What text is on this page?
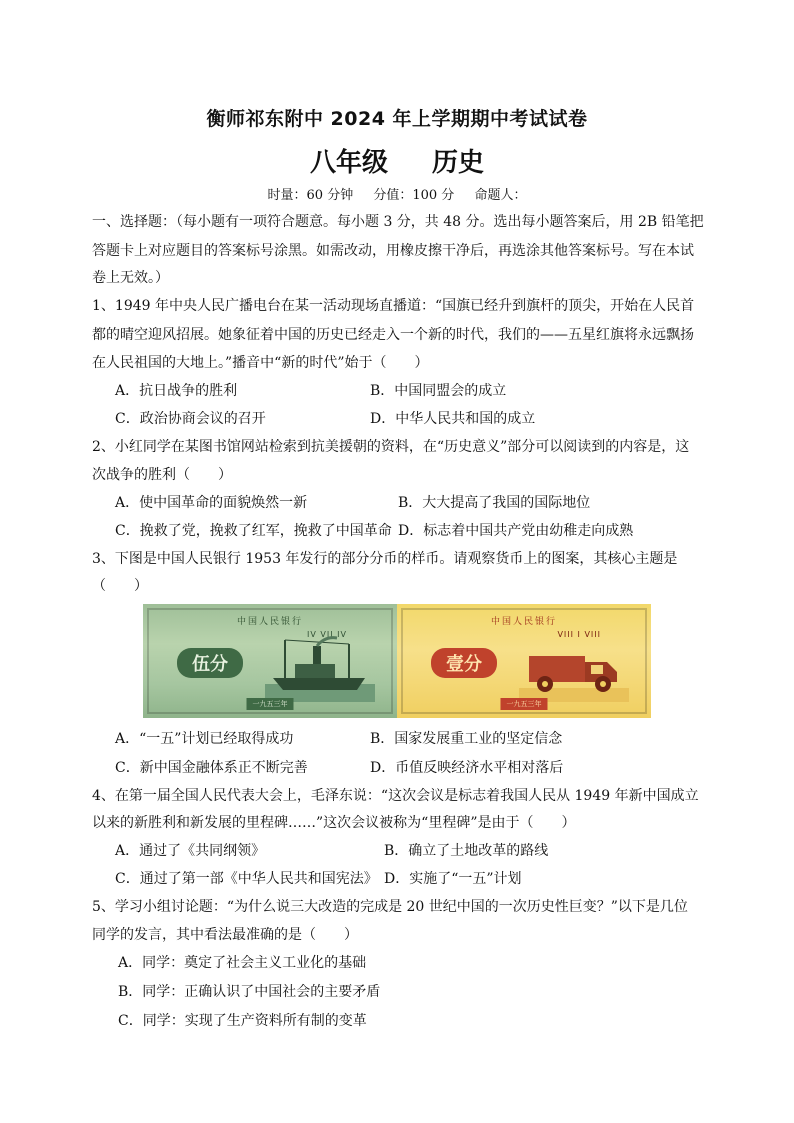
衡师祁东附中 2024 年上学期期中考试试卷
八年级 历史
时量：60 分钟 分值：100 分 命题人：
一、选择题：（每小题有一项符合题意。每小题 3 分，共 48 分。选出每小题答案后，用 2B 铅笔把
答题卡上对应题目的答案标号涂黑。如需改动，用橡皮擦干净后，再选涂其他答案标号。写在本试
卷上无效。）
1、1949 年中央人民广播电台在某一活动现场直播道：“国旗已经升到旗杆的顶尖，开始在人民首
都的晴空迎风招展。她象征着中国的历史已经走入一个新的时代，我们的——五星红旗将永远飘扬
在人民祖国的大地上。”播音中“新的时代”始于（　　）
A．抗日战争的胜利	B．中国同盟会的成立
C．政治协商会议的召开	D．中华人民共和国的成立
2、小红同学在某图书馆网站检索到抗美援朝的资料，在“历史意义”部分可以阅读到的内容是，这
次战争的胜利（　　）
A．使中国革命的面貌焕然一新	B．大大提高了我国的国际地位
C．挽救了党，挽救了红军，挽救了中国革命 D．标志着中国共产党由幼稚走向成熟
3、下图是中国人民银行 1953 年发行的部分分币的样币。请观察货币上的图案，其核心主题是
（　　）
中国人民银行
IV VII IV
伍分
一九五三年
中国人民银行
VIII I VIII
壹分
一九五三年
A．“一五”计划已经取得成功	B．国家发展重工业的坚定信念
C．新中国金融体系正不断完善	D．币值反映经济水平相对落后
4、在第一届全国人民代表大会上，毛泽东说：“这次会议是标志着我国人民从 1949 年新中国成立
以来的新胜利和新发展的里程碑……”这次会议被称为“里程碑”是由于（　　）
A．通过了《共同纲领》	B．确立了土地改革的路线
C．通过了第一部《中华人民共和国宪法》 D．实施了“一五”计划
5、学习小组讨论题：“为什么说三大改造的完成是 20 世纪中国的一次历史性巨变？”以下是几位
同学的发言，其中看法最准确的是（　　）
A．同学：奠定了社会主义工业化的基础
B．同学：正确认识了中国社会的主要矛盾
C．同学：实现了生产资料所有制的变革
